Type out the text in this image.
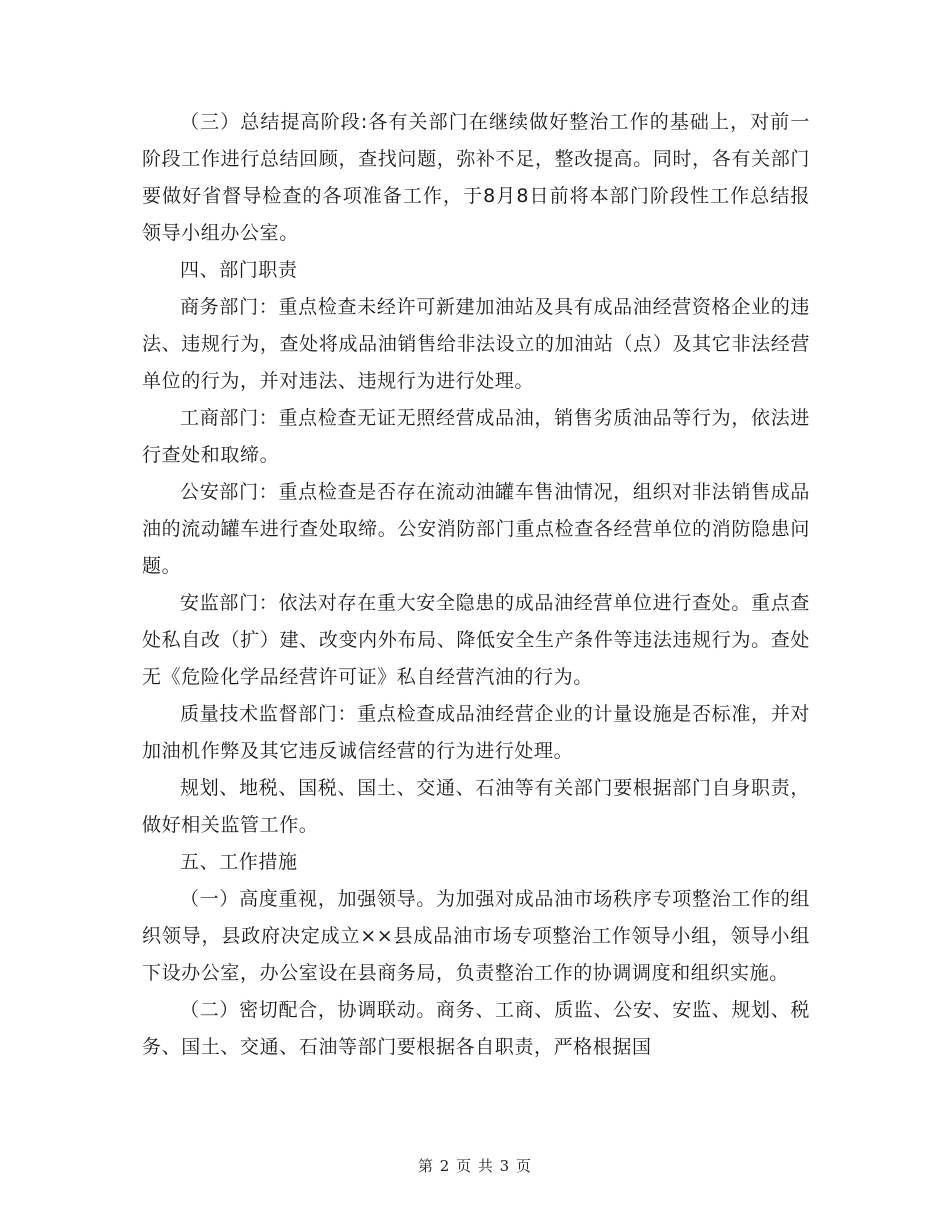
（三）总结提高阶段:各有关部门在继续做好整治工作的基础上，对前一阶段工作进行总结回顾，查找问题，弥补不足，整改提高。同时，各有关部门要做好省督导检查的各项准备工作，于8月8日前将本部门阶段性工作总结报领导小组办公室。

四、部门职责

商务部门：重点检查未经许可新建加油站及具有成品油经营资格企业的违法、违规行为，查处将成品油销售给非法设立的加油站（点）及其它非法经营单位的行为，并对违法、违规行为进行处理。

工商部门：重点检查无证无照经营成品油，销售劣质油品等行为，依法进行查处和取缔。

公安部门：重点检查是否存在流动油罐车售油情况，组织对非法销售成品油的流动罐车进行查处取缔。公安消防部门重点检查各经营单位的消防隐患问题。

安监部门：依法对存在重大安全隐患的成品油经营单位进行查处。重点查处私自改（扩）建、改变内外布局、降低安全生产条件等违法违规行为。查处无《危险化学品经营许可证》私自经营汽油的行为。

质量技术监督部门：重点检查成品油经营企业的计量设施是否标准，并对加油机作弊及其它违反诚信经营的行为进行处理。

规划、地税、国税、国土、交通、石油等有关部门要根据部门自身职责，做好相关监管工作。

五、工作措施

（一）高度重视，加强领导。为加强对成品油市场秩序专项整治工作的组织领导，县政府决定成立××县成品油市场专项整治工作领导小组，领导小组下设办公室，办公室设在县商务局，负责整治工作的协调调度和组织实施。

（二）密切配合，协调联动。商务、工商、质监、公安、安监、规划、税务、国土、交通、石油等部门要根据各自职责，严格根据国

第 2 页 共 3 页
